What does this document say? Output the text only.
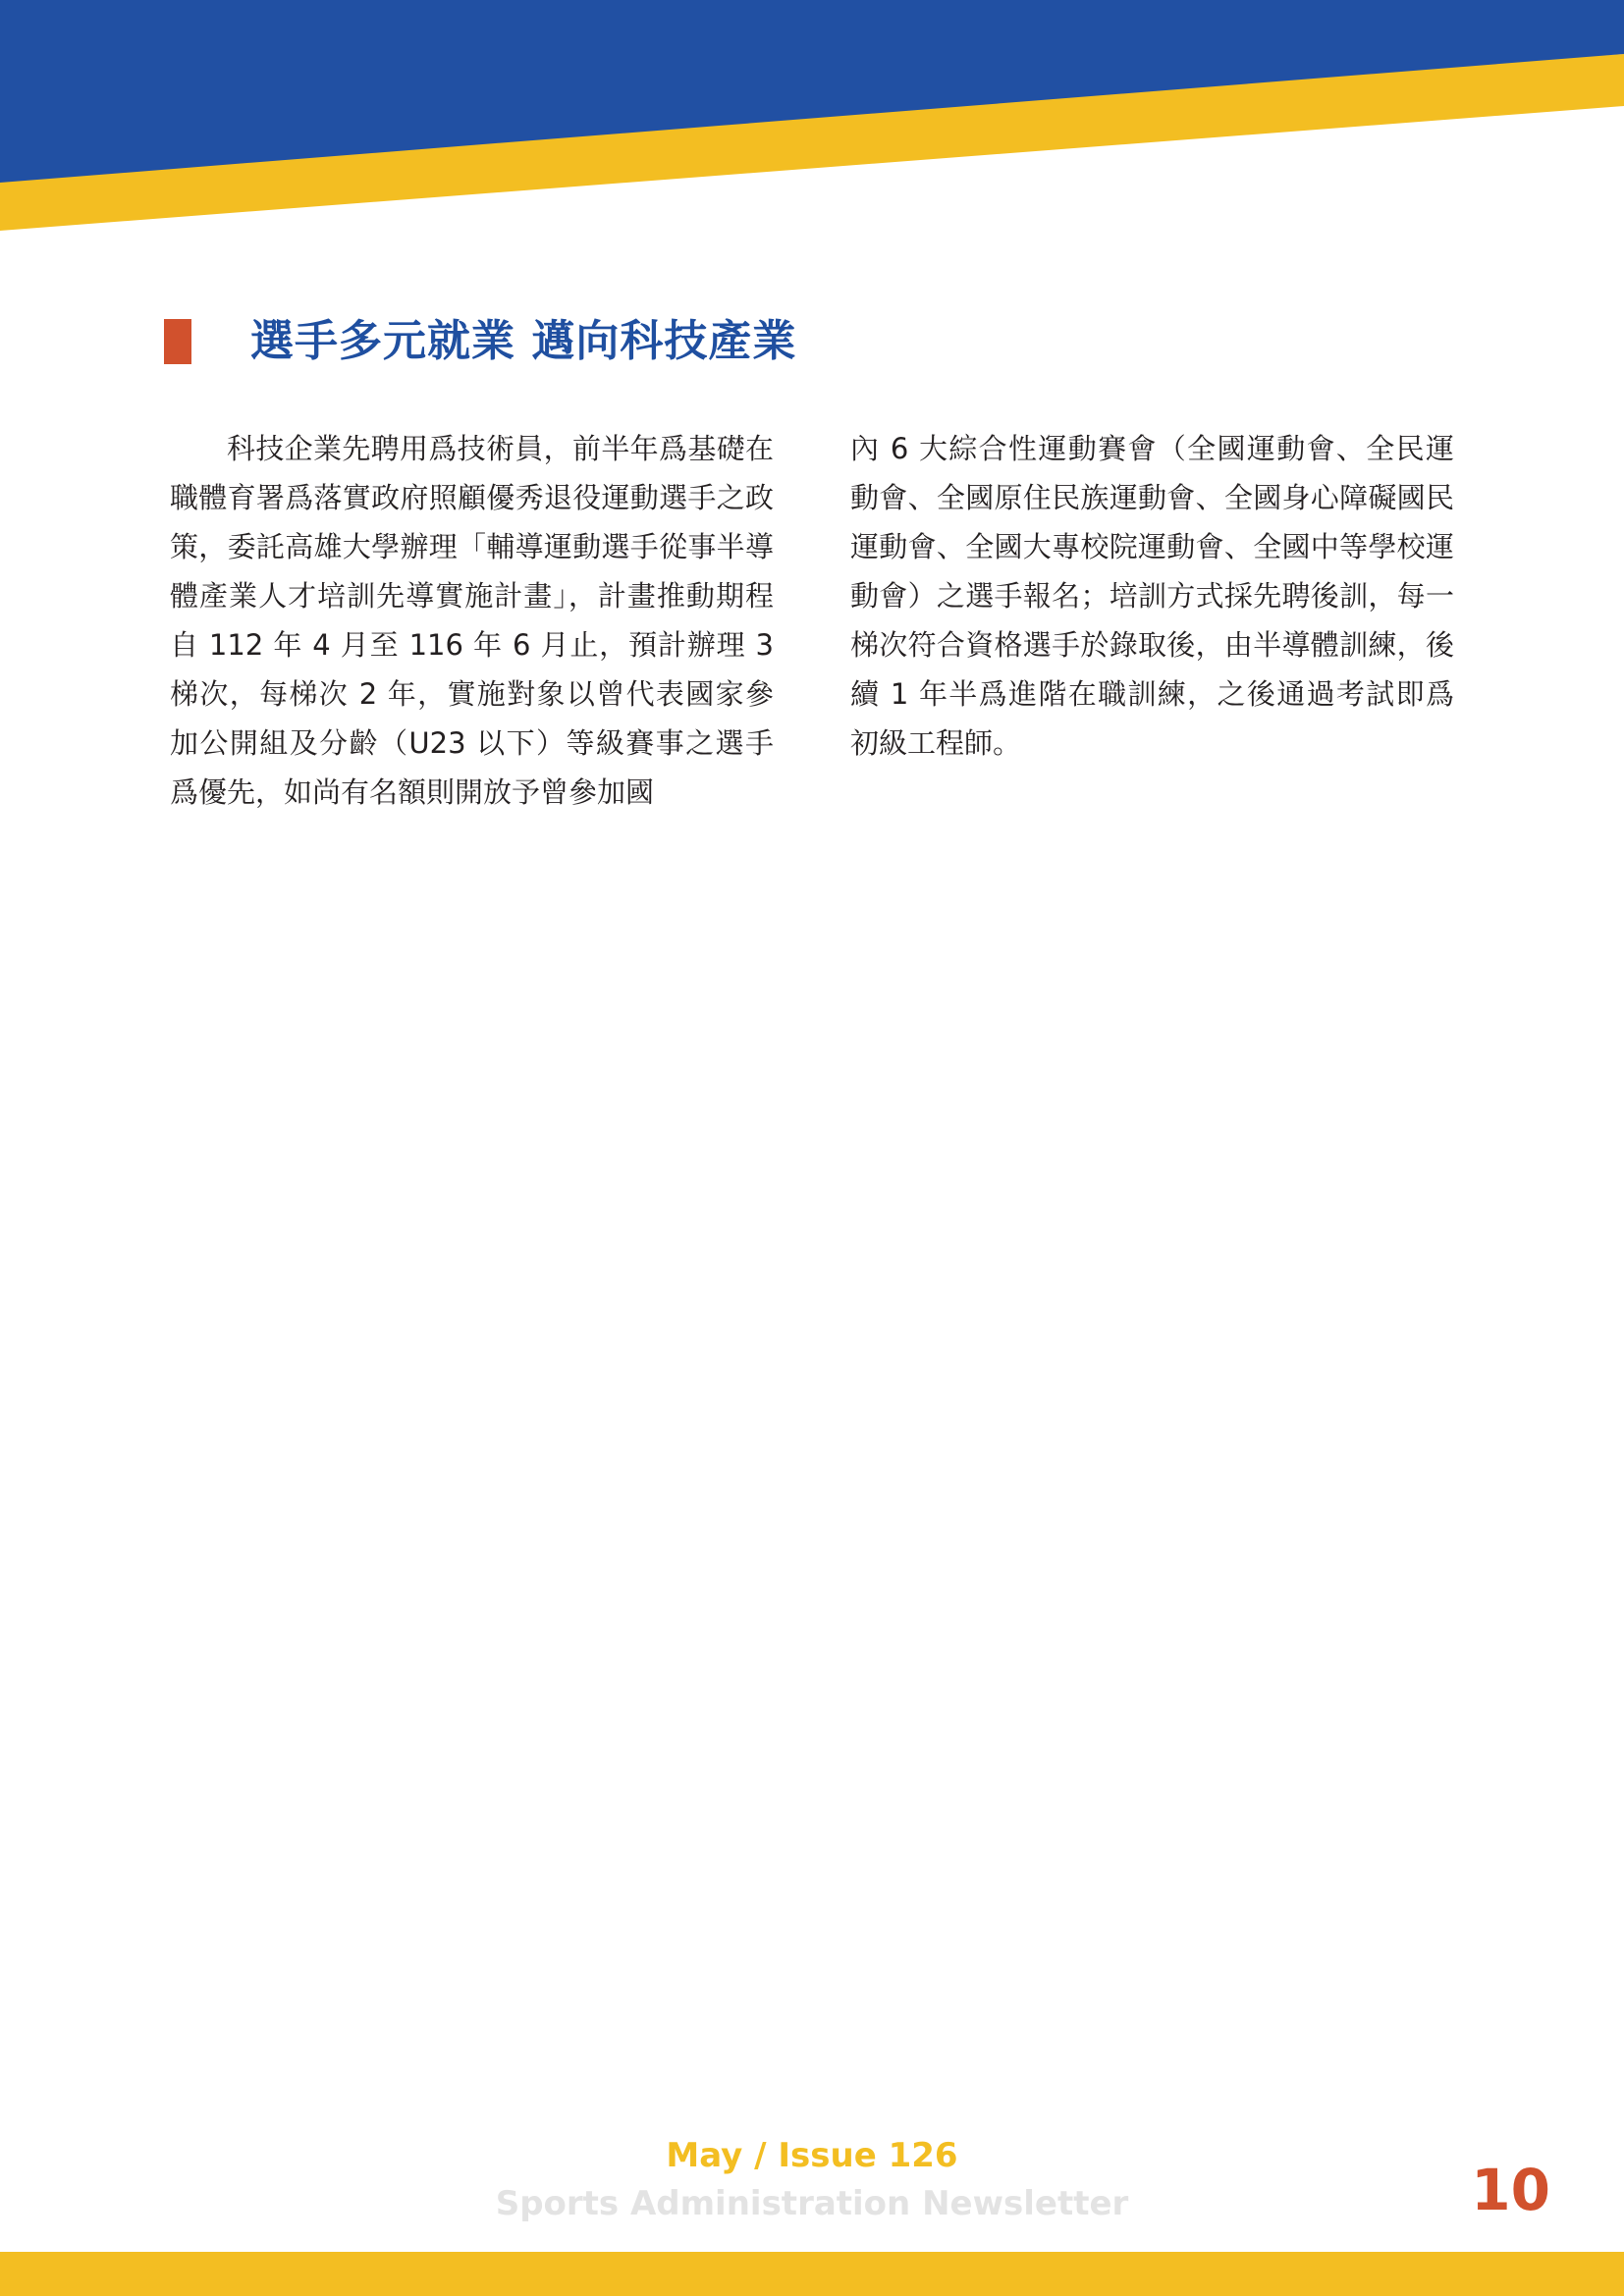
選手多元就業 邁向科技產業

科技企業先聘用爲技術員，前半年爲基礎在職體育署爲落實政府照顧優秀退役運動選手之政策，委託高雄大學辦理「輔導運動選手從事半導體產業人才培訓先導實施計畫」，計畫推動期程自 112 年 4 月至 116 年 6 月止，預計辦理 3 梯次，每梯次 2 年，實施對象以曾代表國家參加公開組及分齡（U23 以下）等級賽事之選手爲優先，如尚有名額則開放予曾參加國

內 6 大綜合性運動賽會（全國運動會、全民運動會、全國原住民族運動會、全國身心障礙國民運動會、全國大專校院運動會、全國中等學校運動會）之選手報名；培訓方式採先聘後訓，每一梯次符合資格選手於錄取後，由半導體訓練，後續 1 年半爲進階在職訓練，之後通過考試即爲初級工程師。

May / Issue 126
Sports Administration Newsletter	10
